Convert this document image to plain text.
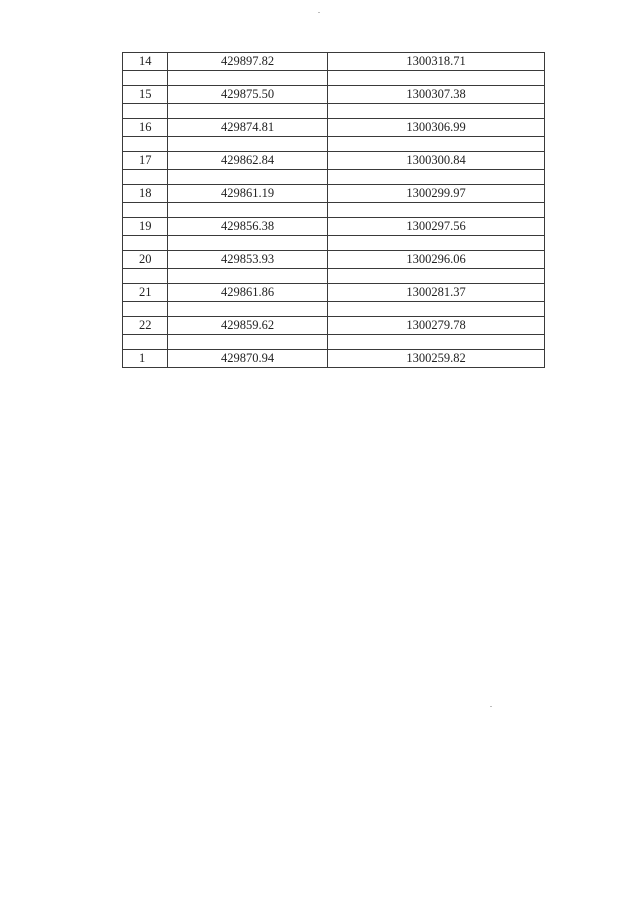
14	429897.82	1300318.71

15	429875.50	1300307.38

16	429874.81	1300306.99

17	429862.84	1300300.84

18	429861.19	1300299.97

19	429856.38	1300297.56

20	429853.93	1300296.06

21	429861.86	1300281.37

22	429859.62	1300279.78

1	429870.94	1300259.82
